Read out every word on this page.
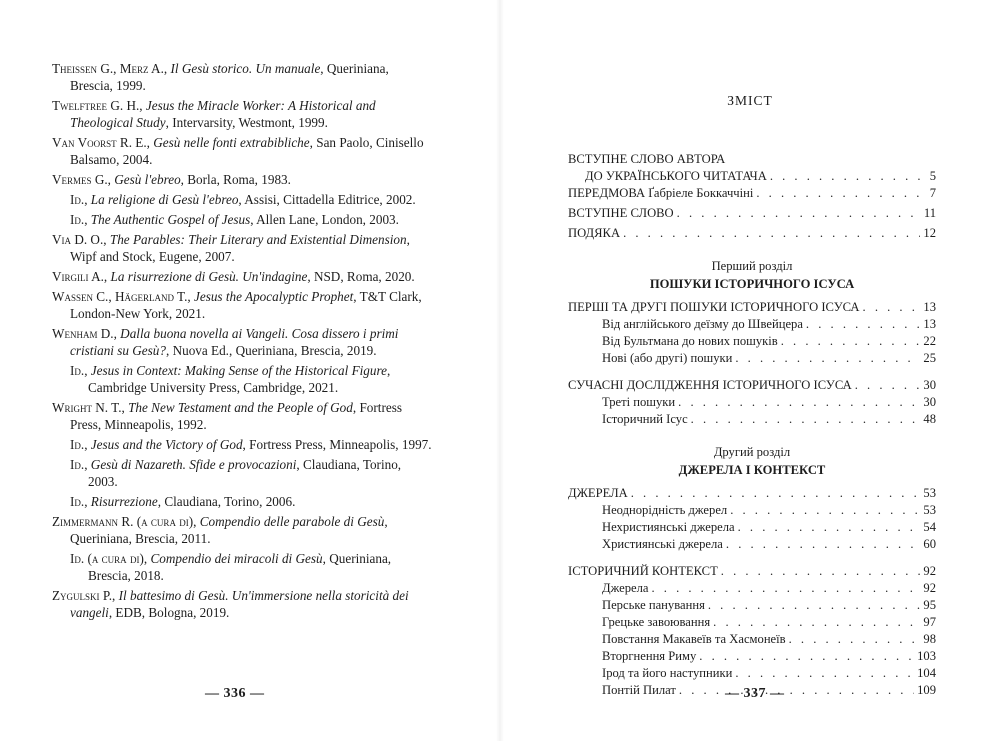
Theissen G., Merz A., Il Gesù storico. Un manuale, Queriniana, Brescia, 1999.
Twelftree G. H., Jesus the Miracle Worker: A Historical and Theological Study, Intervarsity, Westmont, 1999.
Van Voorst R. E., Gesù nelle fonti extrabibliche, San Paolo, Cinisello Balsamo, 2004.
Vermes G., Gesù l'ebreo, Borla, Roma, 1983.
Id., La religione di Gesù l'ebreo, Assisi, Cittadella Editrice, 2002.
Id., The Authentic Gospel of Jesus, Allen Lane, London, 2003.
Via D. O., The Parables: Their Literary and Existential Dimension, Wipf and Stock, Eugene, 2007.
Virgili A., La risurrezione di Gesù. Un'indagine, NSD, Roma, 2020.
Wassen C., Hägerland T., Jesus the Apocalyptic Prophet, T&T Clark, London-New York, 2021.
Wenham D., Dalla buona novella ai Vangeli. Cosa dissero i primi cristiani su Gesù?, Nuova Ed., Queriniana, Brescia, 2019.
Id., Jesus in Context: Making Sense of the Historical Figure, Cambridge University Press, Cambridge, 2021.
Wright N. T., The New Testament and the People of God, Fortress Press, Minneapolis, 1992.
Id., Jesus and the Victory of God, Fortress Press, Minneapolis, 1997.
Id., Gesù di Nazareth. Sfide e provocazioni, Claudiana, Torino, 2003.
Id., Risurrezione, Claudiana, Torino, 2006.
Zimmermann R. (a cura di), Compendio delle parabole di Gesù, Queriniana, Brescia, 2011.
Id. (a cura di), Compendio dei miracoli di Gesù, Queriniana, Brescia, 2018.
Zygulski P., Il battesimo di Gesù. Un'immersione nella storicità dei vangeli, EDB, Bologna, 2019.
— 336 —
ЗМІСТ
ВСТУПНЕ СЛОВО АВТОРА
ДО УКРАЇНСЬКОГО ЧИТАТАЧА . . .	5
ПЕРЕДМОВА Ґабріеле Боккаччіні . . .	7
ВСТУПНЕ СЛОВО . . .	11
ПОДЯКА . . .	12
Перший розділ
ПОШУКИ ІСТОРИЧНОГО ІСУСА
ПЕРШІ ТА ДРУГІ ПОШУКИ ІСТОРИЧНОГО ІСУСА . . .	13
Від англійського деїзму до Швейцера . . .	13
Від Бультмана до нових пошуків . . .	22
Нові (або другі) пошуки . . .	25
СУЧАСНІ ДОСЛІДЖЕННЯ ІСТОРИЧНОГО ІСУСА . . .	30
Треті пошуки . . .	30
Історичний Ісус . . .	48
Другий розділ
ДЖЕРЕЛА І КОНТЕКСТ
ДЖЕРЕЛА . . .	53
Неоднорідність джерел . . .	53
Нехристиянські джерела . . .	54
Християнські джерела . . .	60
ІСТОРИЧНИЙ КОНТЕКСТ . . .	92
Джерела . . .	92
Перське панування . . .	95
Грецьке завоювання . . .	97
Повстання Макавеїв та Хасмонеїв . . .	98
Вторгнення Риму . . .	103
Ірод та його наступники . . .	104
Понтій Пилат . . .	109
— 337 —
